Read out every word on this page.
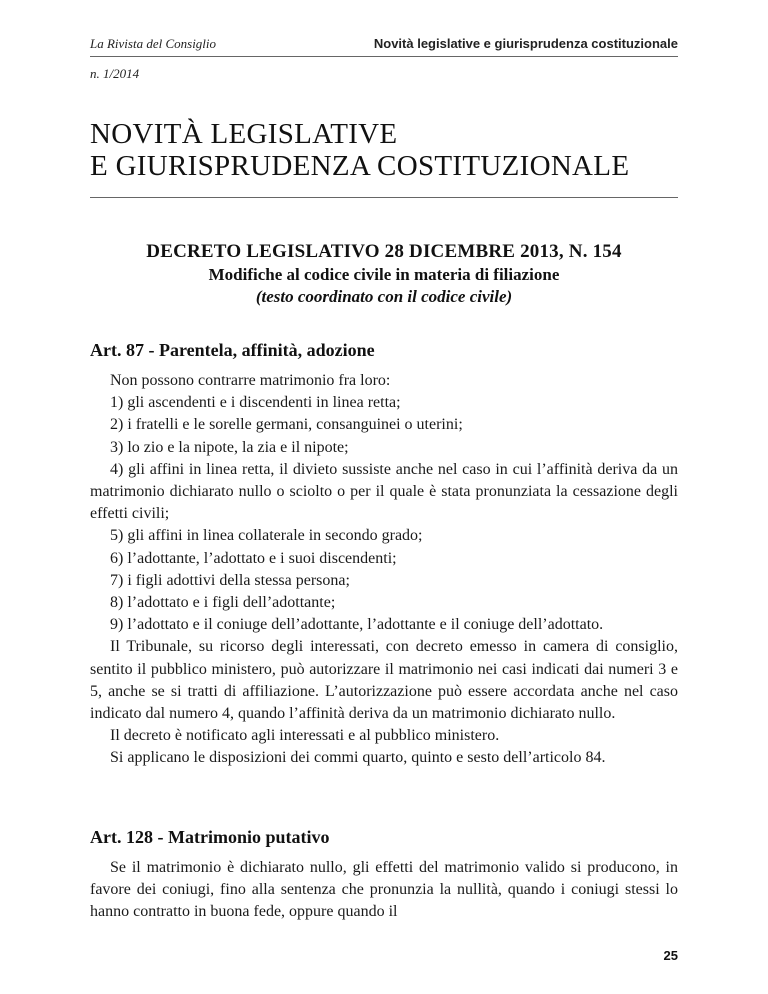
La Rivista del Consiglio
n. 1/2014
Novità legislative e giurisprudenza costituzionale
NOVITÀ LEGISLATIVE
E GIURISPRUDENZA COSTITUZIONALE
DECRETO LEGISLATIVO 28 DICEMBRE 2013, N. 154
Modifiche al codice civile in materia di filiazione
(testo coordinato con il codice civile)
Art. 87 - Parentela, affinità, adozione

Non possono contrarre matrimonio fra loro:

1) gli ascendenti e i discendenti in linea retta;

2) i fratelli e le sorelle germani, consanguinei o uterini;

3) lo zio e la nipote, la zia e il nipote;

4) gli affini in linea retta, il divieto sussiste anche nel caso in cui l’affinità deriva da un matrimonio dichiarato nullo o sciolto o per il quale è stata pronunziata la cessazione degli effetti civili;

5) gli affini in linea collaterale in secondo grado;

6) l’adottante, l’adottato e i suoi discendenti;

7) i figli adottivi della stessa persona;

8) l’adottato e i figli dell’adottante;

9) l’adottato e il coniuge dell’adottante, l’adottante e il coniuge dell’adottato.

Il Tribunale, su ricorso degli interessati, con decreto emesso in camera di consiglio, sentito il pubblico ministero, può autorizzare il matrimonio nei casi indicati dai numeri 3 e 5, anche se si tratti di affiliazione. L’autorizzazione può essere accordata anche nel caso indicato dal numero 4, quando l’affinità deriva da un matrimonio dichiarato nullo.

Il decreto è notificato agli interessati e al pubblico ministero.

Si applicano le disposizioni dei commi quarto, quinto e sesto dell’articolo 84.

Art. 128 - Matrimonio putativo

Se il matrimonio è dichiarato nullo, gli effetti del matrimonio valido si producono, in favore dei coniugi, fino alla sentenza che pronunzia la nullità, quando i coniugi stessi lo hanno contratto in buona fede, oppure quando il

25
